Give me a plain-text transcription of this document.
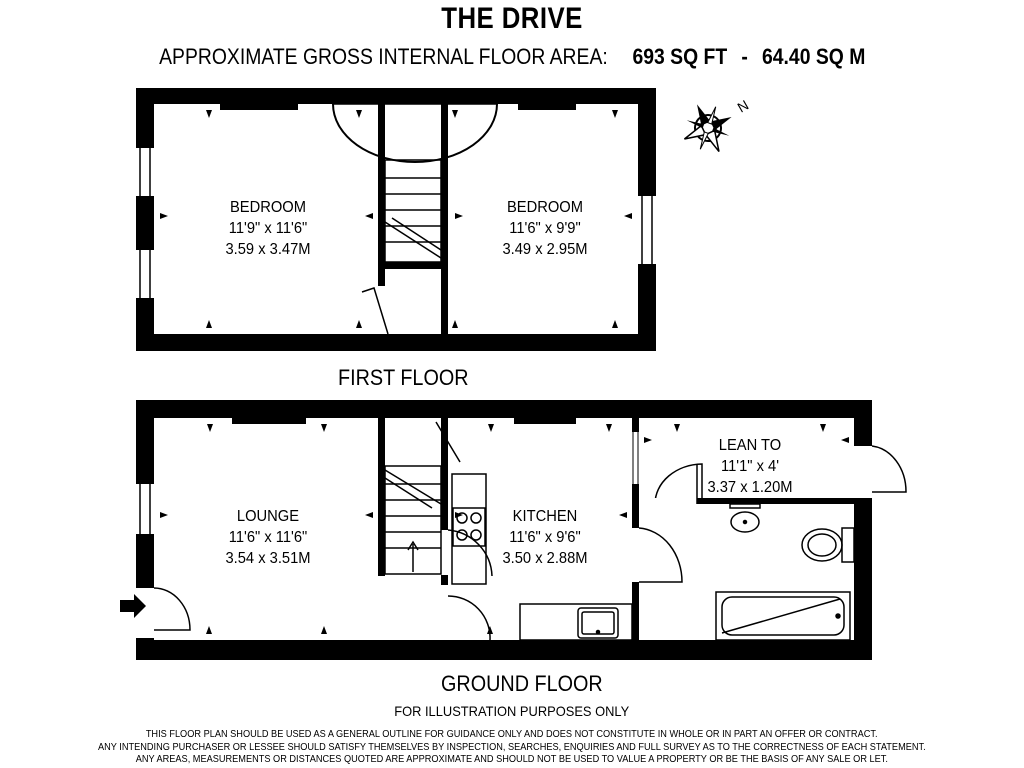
THE DRIVE
APPROXIMATE GROSS INTERNAL FLOOR AREA: 693 SQ FT - 64.40 SQ M
N
BEDROOM
11'9" x 11'6"
3.59 x 3.47M
BEDROOM
11'6" x 9'9"
3.49 x 2.95M
LOUNGE
11'6" x 11'6"
3.54 x 3.51M
KITCHEN
11'6" x 9'6"
3.50 x 2.88M
LEAN TO
11'1" x 4'
3.37 x 1.20M
FIRST FLOOR
GROUND FLOOR
FOR ILLUSTRATION PURPOSES ONLY
THIS FLOOR PLAN SHOULD BE USED AS A GENERAL OUTLINE FOR GUIDANCE ONLY AND DOES NOT CONSTITUTE IN WHOLE OR IN PART AN OFFER OR CONTRACT.
ANY INTENDING PURCHASER OR LESSEE SHOULD SATISFY THEMSELVES BY INSPECTION, SEARCHES, ENQUIRIES AND FULL SURVEY AS TO THE CORRECTNESS OF EACH STATEMENT.
ANY AREAS, MEASUREMENTS OR DISTANCES QUOTED ARE APPROXIMATE AND SHOULD NOT BE USED TO VALUE A PROPERTY OR BE THE BASIS OF ANY SALE OR LET.
